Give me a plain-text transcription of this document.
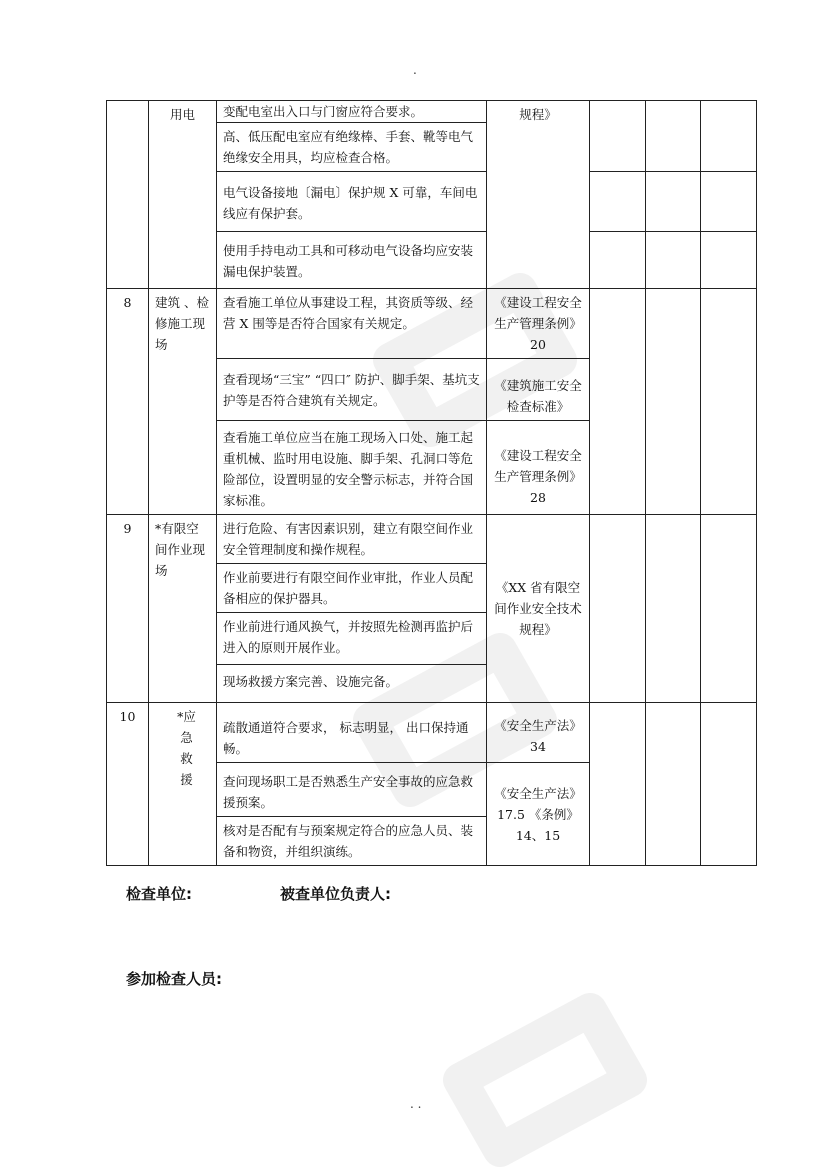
.
	用电	变配电室出入口与门窗应符合要求。	规程》			
		高、低压配电室应有绝缘棒、手套、靴等电气绝缘安全用具，均应检查合格。				
		电气设备接地〔漏电〕保护规 X 可靠，车间电线应有保护套。				
		使用手持电动工具和可移动电气设备均应安装漏电保护装置。				
8	建筑 、检修施工现场	查看施工单位从事建设工程，其资质等级、经营 X 围等是否符合国家有关规定。	《建设工程安全生产管理条例》 20			
		查看现场“三宝” “四口″ 防护、脚手架、基坑支护等是否符合建筑有关规定。	《建筑施工安全检查标准》			
		查看施工单位应当在施工现场入口处、施工起重机械、监时用电设施、脚手架、孔洞口等危险部位，设置明显的安全警示标志，并符合国家标准。	《建设工程安全生产管理条例》 28			
9	*有限空间作业现场	进行危险、有害因素识别，建立有限空间作业安全管理制度和操作规程。	《XX 省有限空间作业安全技术规程》			
		作业前要进行有限空间作业审批，作业人员配备相应的保护器具。				
		作业前进行通风换气，并按照先检测再监护后进入的原则开展作业。				
		现场救援方案完善、设施完备。				
10	*应急救援	疏散通道符合要求， 标志明显， 出口保持通畅。	《安全生产法》 34			
		查问现场职工是否熟悉生产安全事故的应急救援预案。	《安全生产法》 17.5 《条例》 14、15			
		核对是否配有与预案规定符合的应急人员、装备和物资，并组织演练。				
检查单位:	被查单位负责人:
参加检查人员:
. .
